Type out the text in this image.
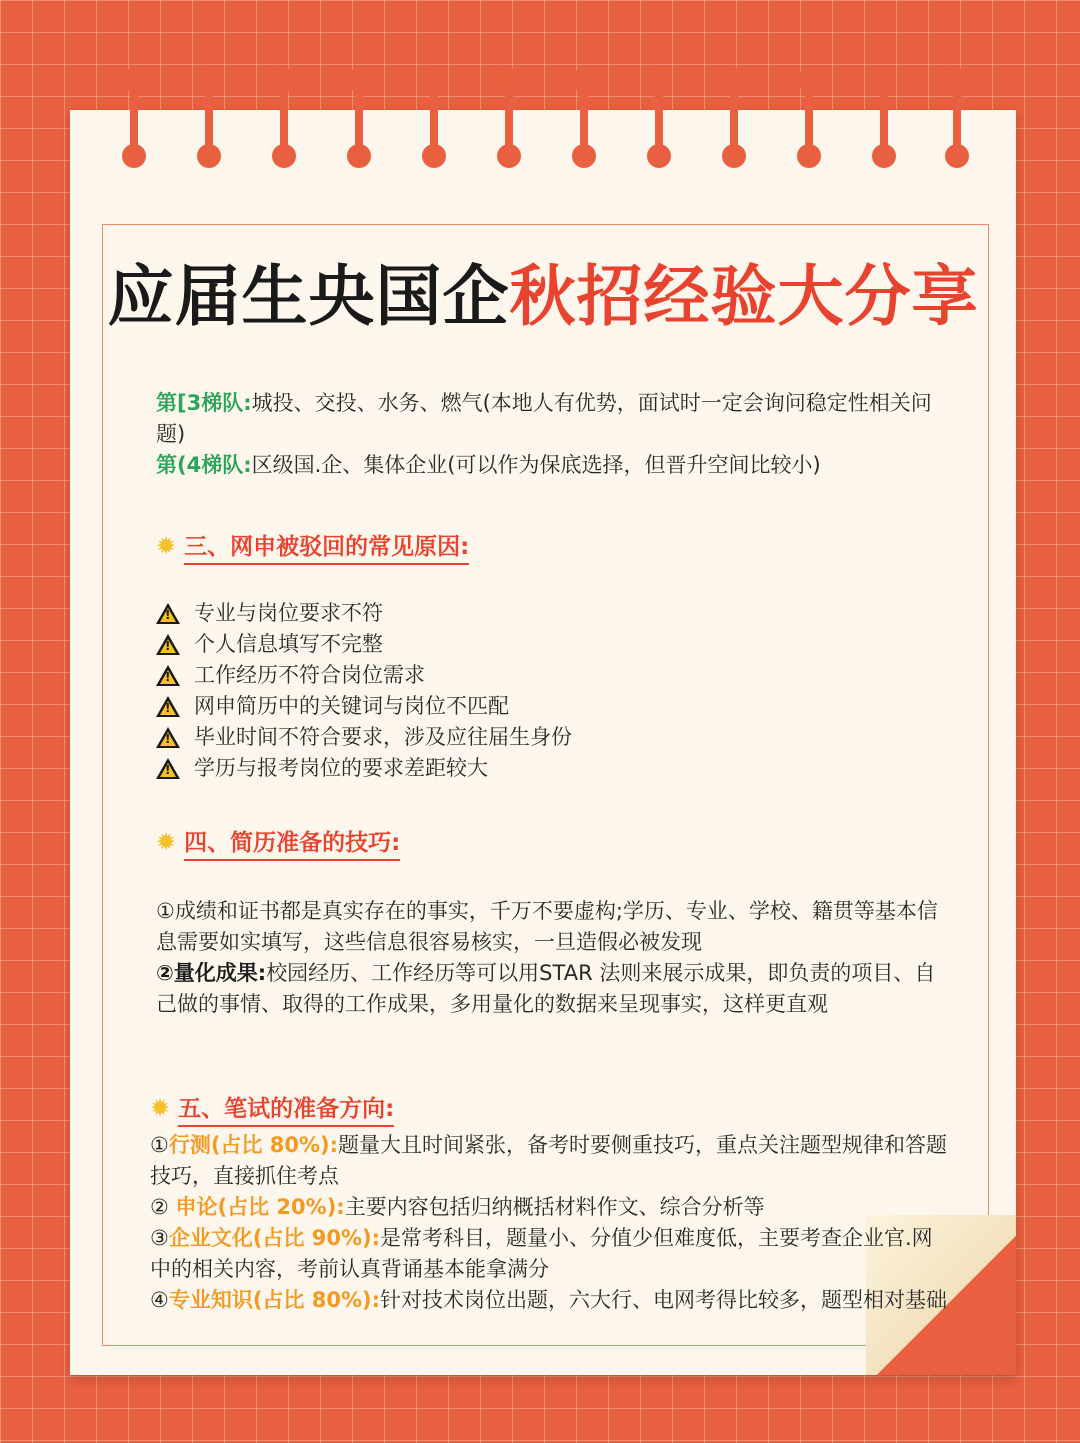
应届生央国企秋招经验大分享

第[3梯队:城投、交投、水务、燃气(本地人有优势，面试时一定会询问稳定性相关问题)

第(4梯队:区级国.企、集体企业(可以作为保底选择，但晋升空间比较小)

✹ 三、网申被驳回的常见原因:
!
专业与岗位要求不符
!
个人信息填写不完整
!
工作经历不符合岗位需求
!
网申简历中的关键词与岗位不匹配
!
毕业时间不符合要求，涉及应往届生身份
!
学历与报考岗位的要求差距较大
✹ 四、简历准备的技巧:

①成绩和证书都是真实存在的事实，千万不要虚构;学历、专业、学校、籍贯等基本信息需要如实填写，这些信息很容易核实，一旦造假必被发现

②量化成果:校园经历、工作经历等可以用STAR 法则来展示成果，即负责的项目、自己做的事情、取得的工作成果，多用量化的数据来呈现事实，这样更直观

✹ 五、笔试的准备方向:

①行测(占比 80%):题量大且时间紧张，备考时要侧重技巧，重点关注题型规律和答题技巧，直接抓住考点

② 申论(占比 20%):主要内容包括归纳概括材料作文、综合分析等

③企业文化(占比 90%):是常考科目，题量小、分值少但难度低，主要考查企业官.网中的相关内容，考前认真背诵基本能拿满分

④专业知识(占比 80%):针对技术岗位出题，六大行、电网考得比较多，题型相对基础
